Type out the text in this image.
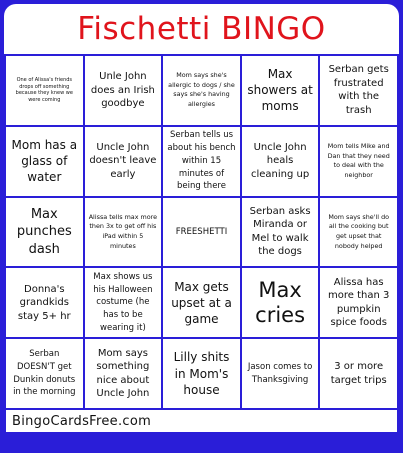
Fischetti BINGO
One of Alissa's friends drops off something because they knew we were coming
Unle John does an Irish goodbye
Mom says she's allergic to dogs / she says she's having allergies
Max showers at moms
Serban gets frustrated with the trash
Mom has a glass of water
Uncle John doesn't leave early
Serban tells us about his bench within 15 minutes of being there
Uncle John heals cleaning up
Mom tells Mike and Dan that they need to deal with the neighbor
Max punches dash
Alissa tells max more then 3x to get off his iPad within 5 minutes
FREESHETTI
Serban asks Miranda or Mel to walk the dogs
Mom says she'll do all the cooking but get upset that nobody helped
Donna's grandkids stay 5+ hr
Max shows us his Halloween costume (he has to be wearing it)
Max gets upset at a game
Max cries
Alissa has more than 3 pumpkin spice foods
Serban DOESN'T get Dunkin donuts in the morning
Mom says something nice about Uncle John
Lilly shits in Mom's house
Jason comes to Thanksgiving
3 or more target trips
BingoCardsFree.com
